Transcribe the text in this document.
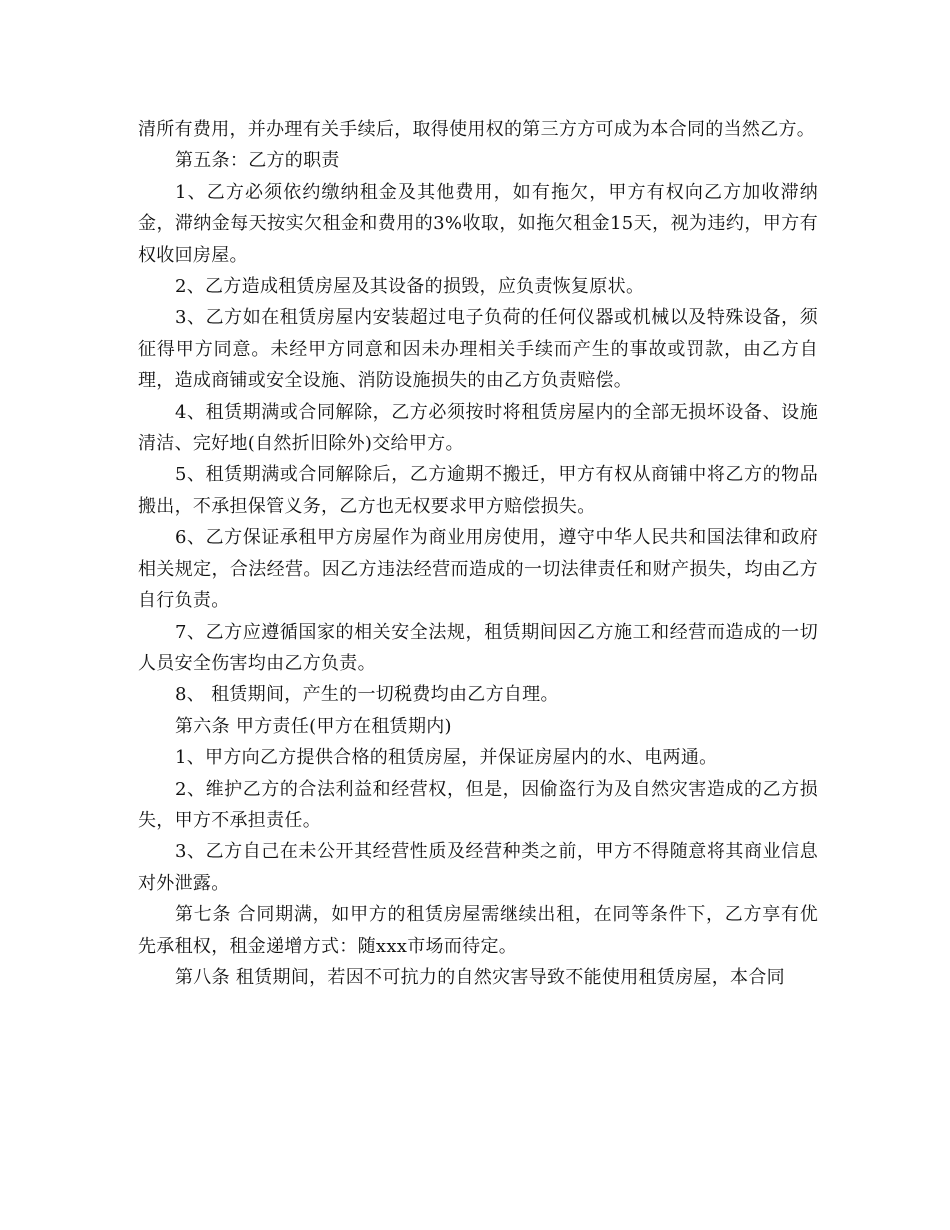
清所有费用，并办理有关手续后，取得使用权的第三方方可成为本合同的当然乙方。

第五条：乙方的职责

1、乙方必须依约缴纳租金及其他费用，如有拖欠，甲方有权向乙方加收滞纳金，滞纳金每天按实欠租金和费用的3%收取，如拖欠租金15天，视为违约，甲方有权收回房屋。

2、乙方造成租赁房屋及其设备的损毁，应负责恢复原状。

3、乙方如在租赁房屋内安装超过电子负荷的任何仪器或机械以及特殊设备，须征得甲方同意。未经甲方同意和因未办理相关手续而产生的事故或罚款，由乙方自理，造成商铺或安全设施、消防设施损失的由乙方负责赔偿。

4、租赁期满或合同解除，乙方必须按时将租赁房屋内的全部无损坏设备、设施清洁、完好地(自然折旧除外)交给甲方。

5、租赁期满或合同解除后，乙方逾期不搬迁，甲方有权从商铺中将乙方的物品搬出，不承担保管义务，乙方也无权要求甲方赔偿损失。

6、乙方保证承租甲方房屋作为商业用房使用，遵守中华人民共和国法律和政府相关规定，合法经营。因乙方违法经营而造成的一切法律责任和财产损失，均由乙方自行负责。

7、乙方应遵循国家的相关安全法规，租赁期间因乙方施工和经营而造成的一切人员安全伤害均由乙方负责。

8、 租赁期间，产生的一切税费均由乙方自理。

第六条 甲方责任(甲方在租赁期内)

1、甲方向乙方提供合格的租赁房屋，并保证房屋内的水、电两通。

2、维护乙方的合法利益和经营权，但是，因偷盗行为及自然灾害造成的乙方损失，甲方不承担责任。

3、乙方自己在未公开其经营性质及经营种类之前，甲方不得随意将其商业信息对外泄露。

第七条 合同期满，如甲方的租赁房屋需继续出租，在同等条件下，乙方享有优先承租权，租金递增方式：随xxx市场而待定。

第八条 租赁期间，若因不可抗力的自然灾害导致不能使用租赁房屋，本合同
